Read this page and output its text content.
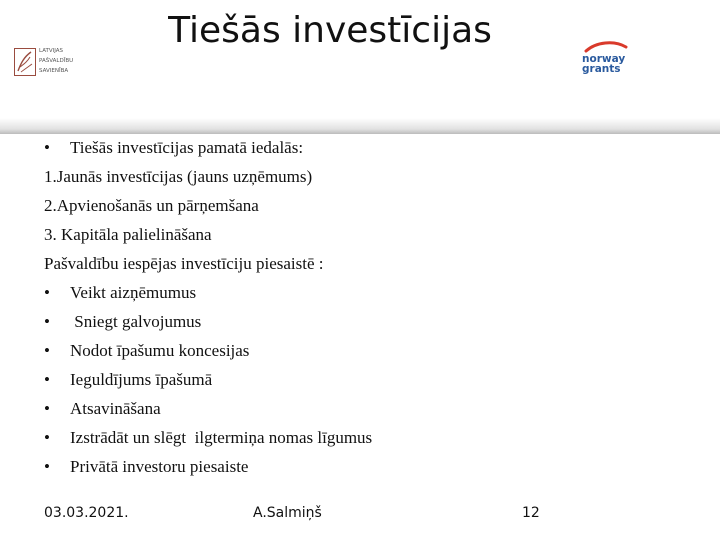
LATVIJAS
PAŠVALDĪBU
SAVIENĪBA
Tiešās investīcijas
norway
grants
• Tiešās investīcijas pamatā iedalās:
1.Jaunās investīcijas (jauns uzņēmums)
2.Apvienošanās un pārņemšana
3. Kapitāla palielināšana
Pašvaldību iespējas investīciju piesaistē :
• Veikt aizņēmumus
• Sniegt galvojumus
• Nodot īpašumu koncesijas
• Ieguldījums īpašumā
• Atsavināšana
• Izstrādāt un slēgt  ilgtermiņa nomas līgumus
• Privātā investoru piesaiste
03.03.2021.	A.Salmiņš	12
